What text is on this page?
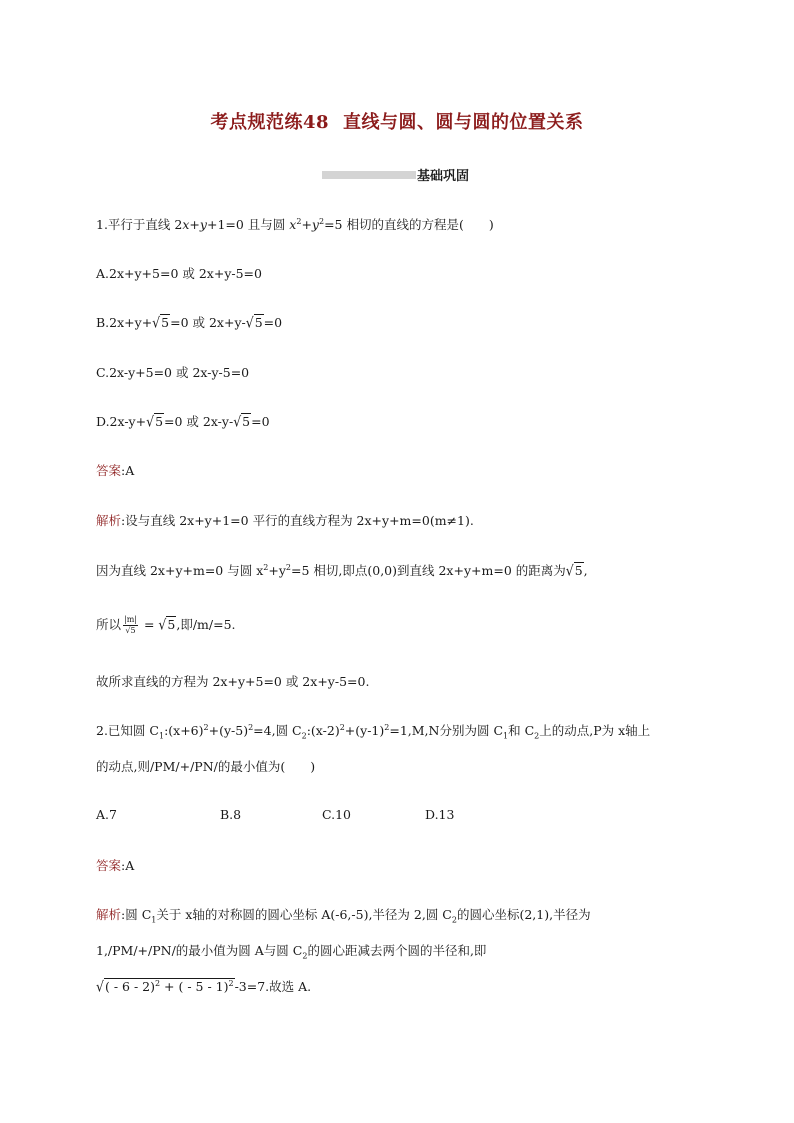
考点规范练48 直线与圆、圆与圆的位置关系
基础巩固
1.平行于直线 2x+y+1=0 且与圆 $x^2+y^2=5$ 相切的直线的方程是(　　)
A.2x+y+5=0 或 2x+y-5=0
B.2x+y+√5=0 或 2x+y-√5=0
C.2x-y+5=0 或 2x-y-5=0
D.2x-y+√5=0 或 2x-y-√5=0
答案:A
解析:设与直线 2x+y+1=0 平行的直线方程为 2x+y+m=0(m≠1).
因为直线 2x+y+m=0 与圆 $x^2+y^2=5$ 相切,即点(0,0)到直线 2x+y+m=0 的距离为√5,
所以 $\frac{|m|}{√5} = √5$,即/m/=5.
故所求直线的方程为 2x+y+5=0 或 2x+y-5=0.
2.已知圆 $C_1:(x+6)^2+(y-5)^2=4$,圆 $C_2:(x-2)^2+(y-1)^2=1,M,N$分别为圆 $C_1$和 $C_2$上的动点,P为 x轴上
的动点,则/PM/+/PN/的最小值为(　　)
A.7	B.8	C.10	D.13
答案:A
解析:圆 $C_1$关于 x轴的对称圆的圆心坐标 A(-6,-5),半径为 2,圆 $C_2$的圆心坐标(2,1),半径为
1,/PM/+/PN/的最小值为圆 A与圆 $C_2$的圆心距减去两个圆的半径和,即
√( - 6 - 2)$^2$ + ( - 5 - 1)$^2$-3=7.故选 A.
